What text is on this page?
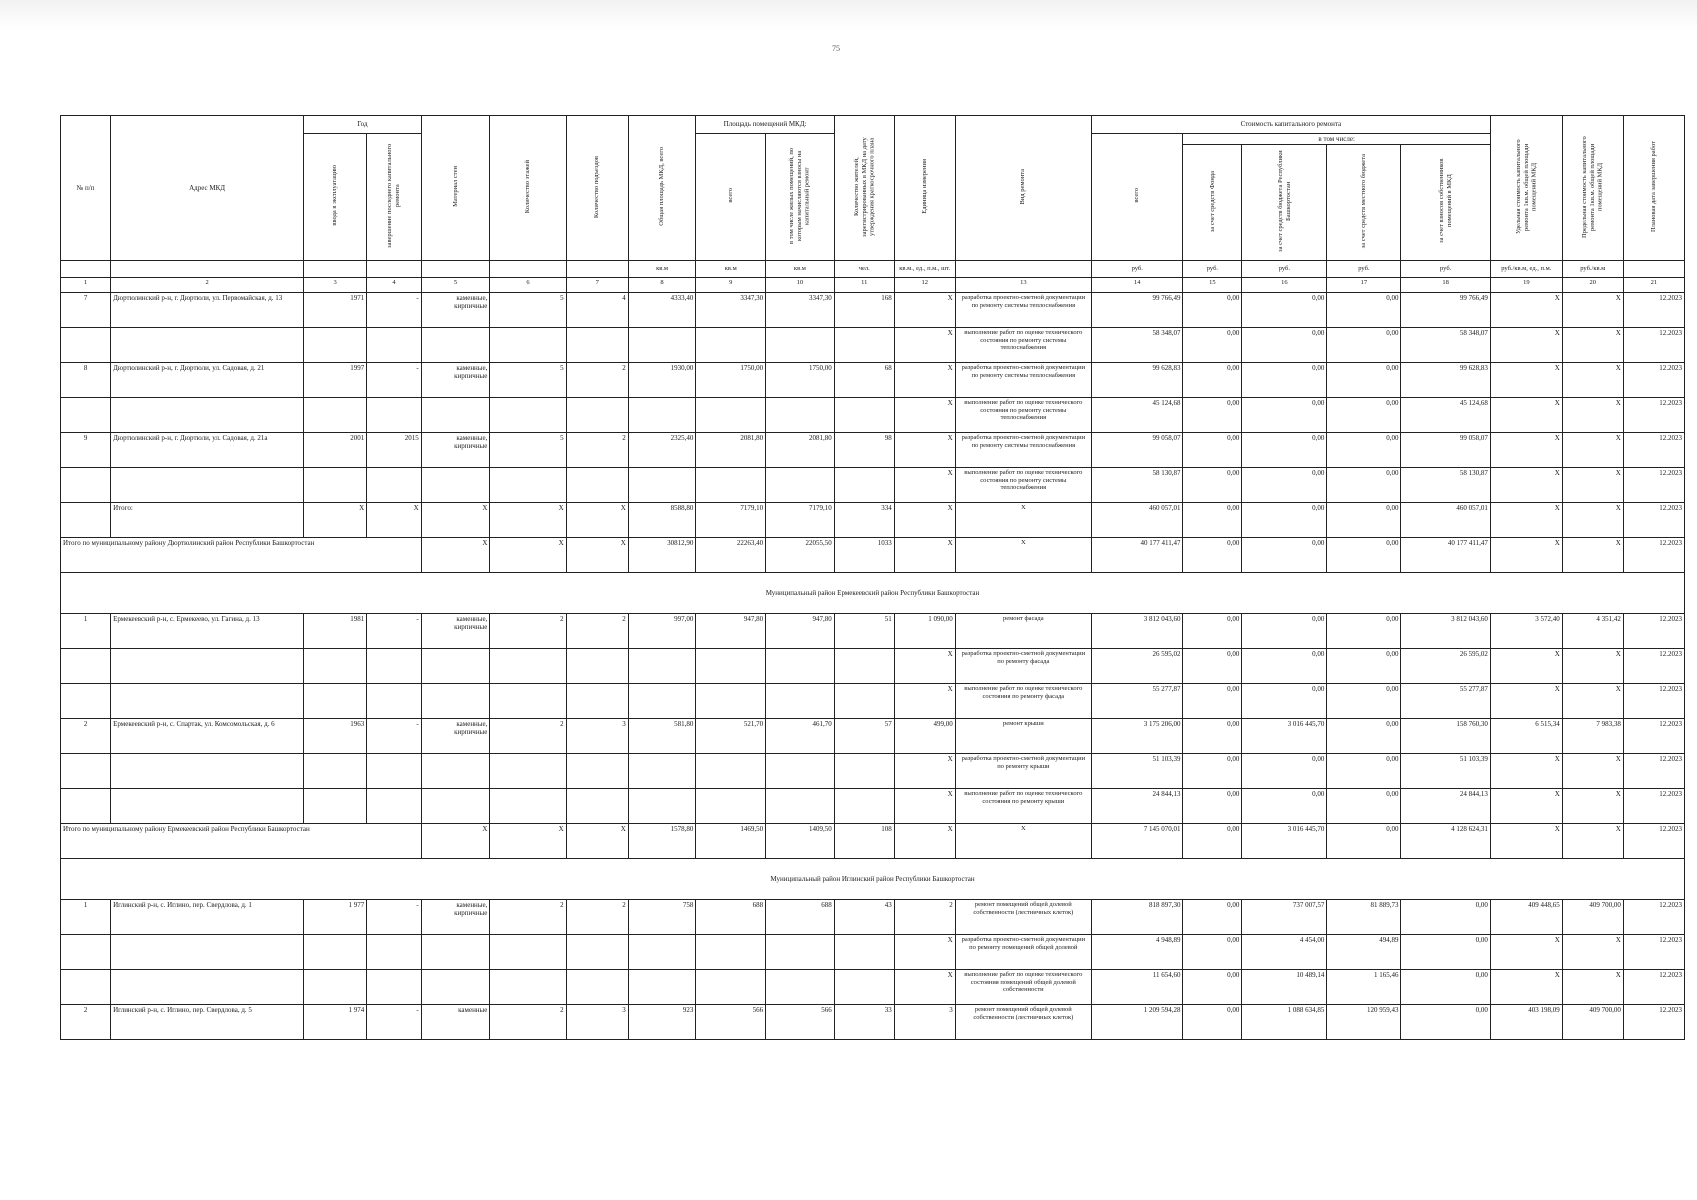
75
№ п/п	Адрес МКД	Год		Материал стен	Количество этажей	Количество подъездов	Общая площадь МКД, всего	Площадь помещений МКД:		Количество жителей, зарегистрированных в МКД на дату утверждения краткосрочного плана	Единица измерения	Вид ремонта	Стоимость капитального ремонта					Удельная стоимость капитального ремонта 1кв.м. общей площади помещений МКД	Предельная стоимость капитального ремонта 1кв.м. общей площади помещений МКД	Плановая дата завершения работ
		ввода в эксплуатацию	завершение последнего капитального ремонта					всего	в том числе жилых помещений, по которым начисляются взносы на капитальный ремонт				всего	в том числе:						
														за счет средств Фонда	за счет средств бюджета Республики Башкортостан	за счет средств местного бюджета	за счет взносов собственников помещений в МКД			
							кв.м	кв.м	кв.м	чел.	кв.м., ед., п.м., шт.		руб.	руб.	руб.	руб.	руб.	руб./кв.м, ед., п.м.	руб./кв.м	
1	2	3	4	5	6	7	8	9	10	11	12	13	14	15	16	17	18	19	20	21
7	Дюртюлинский р-н, г. Дюртюли, ул. Первомайская, д. 13	1971	-	каменные, кирпичные	5	4	4333,40	3347,30	3347,30	168	X	разработка проектно-сметной документации по ремонту системы теплоснабжения	99 766,49	0,00	0,00	0,00	99 766,49	X	X	12.2023
											X	выполнение работ по оценке технического состояния по ремонту системы теплоснабжения	58 348,07	0,00	0,00	0,00	58 348,07	X	X	12.2023
8	Дюртюлинский р-н, г. Дюртюли, ул. Садовая, д. 21	1997	-	каменные, кирпичные	5	2	1930,00	1750,00	1750,00	68	X	разработка проектно-сметной документации по ремонту системы теплоснабжения	99 628,83	0,00	0,00	0,00	99 628,83	X	X	12.2023
											X	выполнение работ по оценке технического состояния по ремонту системы теплоснабжения	45 124,68	0,00	0,00	0,00	45 124,68	X	X	12.2023
9	Дюртюлинский р-н, г. Дюртюли, ул. Садовая, д. 21а	2001	2015	каменные, кирпичные	5	2	2325,40	2081,80	2081,80	98	X	разработка проектно-сметной документации по ремонту системы теплоснабжения	99 058,07	0,00	0,00	0,00	99 058,07	X	X	12.2023
											X	выполнение работ по оценке технического состояния по ремонту системы теплоснабжения	58 130,87	0,00	0,00	0,00	58 130,87	X	X	12.2023
	Итого:	X	X	X	X	X	8588,80	7179,10	7179,10	334	X	X	460 057,01	0,00	0,00	0,00	460 057,01	X	X	12.2023
Итого по муниципальному району Дюртюлинский район Республики Башкортостан				X	X	X	30812,90	22263,40	22055,50	1033	X	X	40 177 411,47	0,00	0,00	0,00	40 177 411,47	X	X	12.2023
Муниципальный район Ермекеевский район Республики Башкортостан																				
1	Ермекеевский р-н, с. Ермекеево, ул. Гагина, д. 13	1981	-	каменные, кирпичные	2	2	997,00	947,80	947,80	51	1 090,00	ремонт фасада	3 812 043,60	0,00	0,00	0,00	3 812 043,60	3 572,40	4 351,42	12.2023
											X	разработка проектно-сметной документации по ремонту фасада	26 595,02	0,00	0,00	0,00	26 595,02	X	X	12.2023
											X	выполнение работ по оценке технического состояния по ремонту фасада	55 277,87	0,00	0,00	0,00	55 277,87	X	X	12.2023
2	Ермекеевский р-н, с. Спартак, ул. Комсомольская, д. 6	1963	-	каменные, кирпичные	2	3	581,80	521,70	461,70	57	499,00	ремонт крыши	3 175 206,00	0,00	3 016 445,70	0,00	158 760,30	6 515,34	7 983,38	12.2023
											X	разработка проектно-сметной документации по ремонту крыши	51 103,39	0,00	0,00	0,00	51 103,39	X	X	12.2023
											X	выполнение работ по оценке технического состояния по ремонту крыши	24 844,13	0,00	0,00	0,00	24 844,13	X	X	12.2023
Итого по муниципальному району Ермекеевский район Республики Башкортостан				X	X	X	1578,80	1469,50	1409,50	108	X	X	7 145 070,01	0,00	3 016 445,70	0,00	4 128 624,31	X	X	12.2023
Муниципальный район Иглинский район Республики Башкортостан																				
1	Иглинский р-н, с. Иглино, пер. Свердлова, д. 1	1 977	-	каменные, кирпичные	2	2	758	688	688	43	2	ремонт помещений общей долевой собственности (лестничных клеток)	818 897,30	0,00	737 007,57	81 889,73	0,00	409 448,65	409 700,00	12.2023
											X	разработка проектно-сметной документации по ремонту помещений общей долевой	4 948,89	0,00	4 454,00	494,89	0,00	X	X	12.2023
											X	выполнение работ по оценке технического состояния помещений общей долевой собственности	11 654,60	0,00	10 489,14	1 165,46	0,00	X	X	12.2023
2	Иглинский р-н, с. Иглино, пер. Свердлова, д. 5	1 974	-	каменные	2	3	923	566	566	33	3	ремонт помещений общей долевой собственности (лестничных клеток)	1 209 594,28	0,00	1 088 634,85	120 959,43	0,00	403 198,09	409 700,00	12.2023
